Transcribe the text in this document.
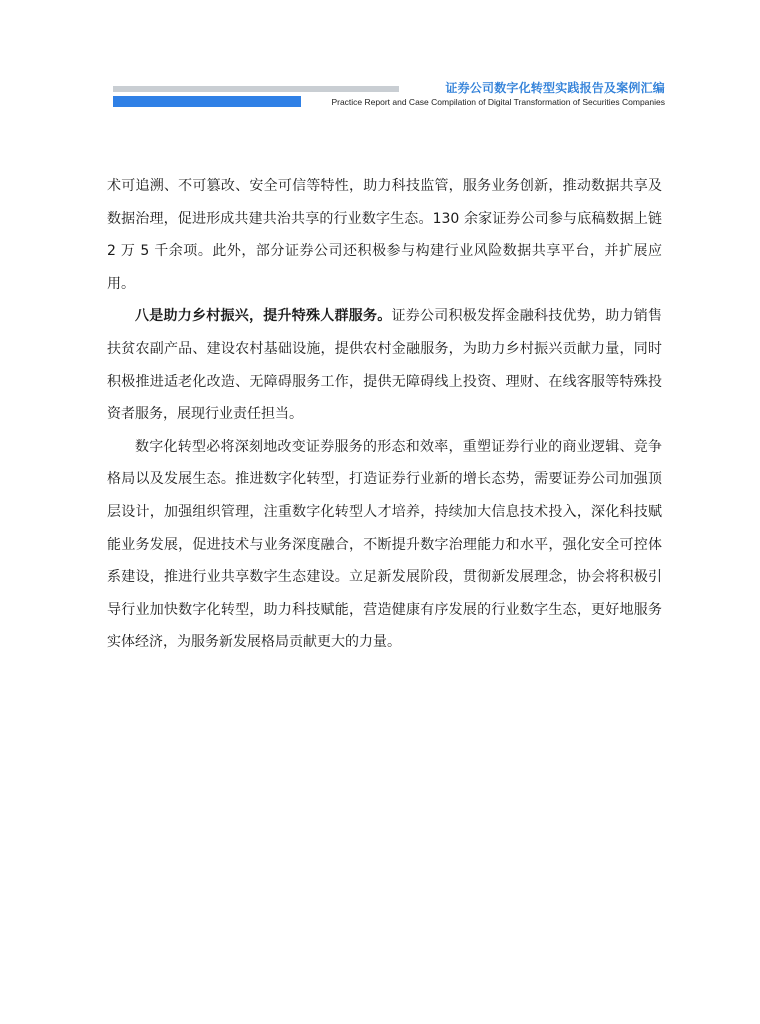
证券公司数字化转型实践报告及案例汇编
Practice Report and Case Compilation of Digital Transformation of Securities Companies

术可追溯、不可篡改、安全可信等特性，助力科技监管，服务业务创新，推动数据共享及数据治理，促进形成共建共治共享的行业数字生态。130 余家证券公司参与底稿数据上链 2 万 5 千余项。此外，部分证券公司还积极参与构建行业风险数据共享平台，并扩展应用。

八是助力乡村振兴，提升特殊人群服务。证券公司积极发挥金融科技优势，助力销售扶贫农副产品、建设农村基础设施，提供农村金融服务，为助力乡村振兴贡献力量，同时积极推进适老化改造、无障碍服务工作，提供无障碍线上投资、理财、在线客服等特殊投资者服务，展现行业责任担当。

数字化转型必将深刻地改变证券服务的形态和效率，重塑证券行业的商业逻辑、竞争格局以及发展生态。推进数字化转型，打造证券行业新的增长态势，需要证券公司加强顶层设计，加强组织管理，注重数字化转型人才培养，持续加大信息技术投入，深化科技赋能业务发展，促进技术与业务深度融合，不断提升数字治理能力和水平，强化安全可控体系建设，推进行业共享数字生态建设。立足新发展阶段，贯彻新发展理念，协会将积极引导行业加快数字化转型，助力科技赋能，营造健康有序发展的行业数字生态，更好地服务实体经济，为服务新发展格局贡献更大的力量。
